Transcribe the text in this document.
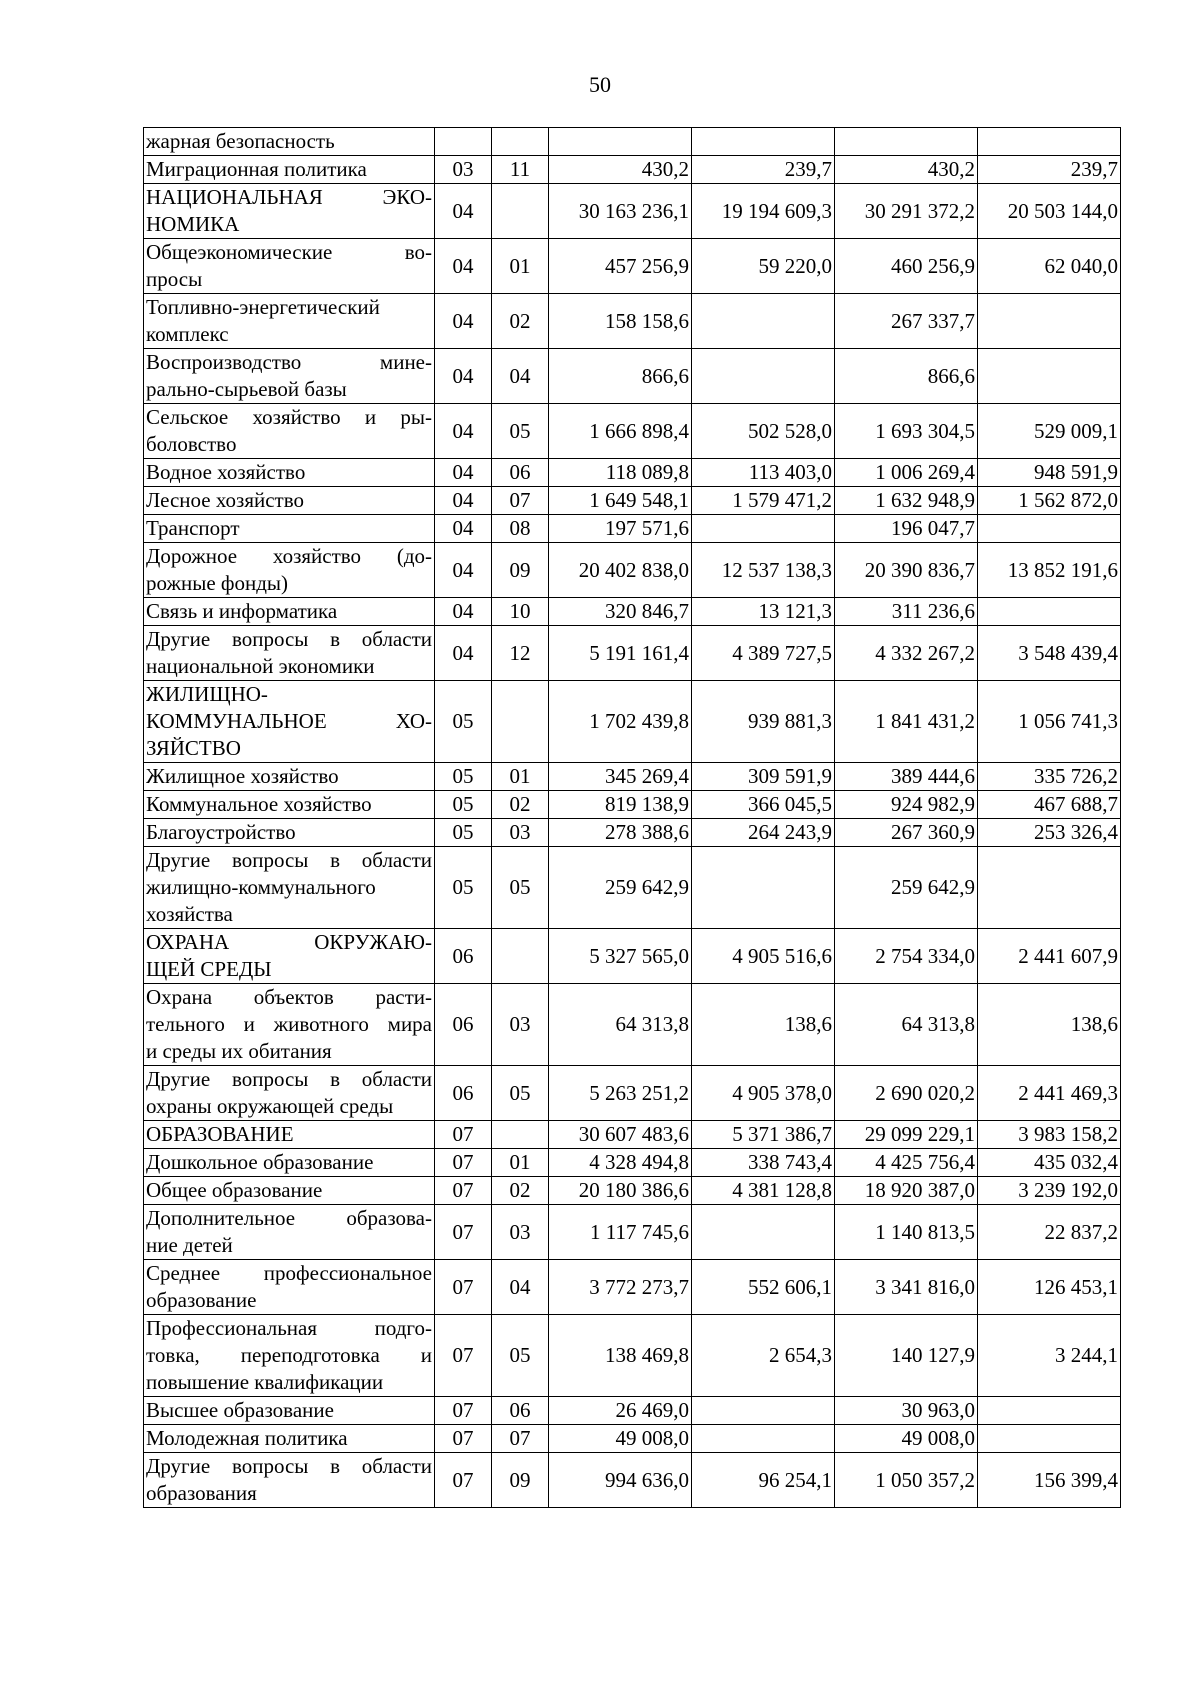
50
жарная безопасность						
Миграционная политика	03	11	430,2	239,7	430,2	239,7

НАЦИОНАЛЬНАЯ ЭКО-
НОМИКА	04		30 163 236,1	19 194 609,3	30 291 372,2	20 503 144,0

Общеэкономические во-
просы	04	01	457 256,9	59 220,0	460 256,9	62 040,0

Топливно-энергетический
комплекс	04	02	158 158,6		267 337,7	

Воспроизводство мине-
рально-сырьевой базы	04	04	866,6		866,6	

Сельское хозяйство и ры-
боловство	04	05	1 666 898,4	502 528,0	1 693 304,5	529 009,1
Водное хозяйство	04	06	118 089,8	113 403,0	1 006 269,4	948 591,9
Лесное хозяйство	04	07	1 649 548,1	1 579 471,2	1 632 948,9	1 562 872,0
Транспорт	04	08	197 571,6		196 047,7	

Дорожное хозяйство (до-
рожные фонды)	04	09	20 402 838,0	12 537 138,3	20 390 836,7	13 852 191,6
Связь и информатика	04	10	320 846,7	13 121,3	311 236,6	

Другие вопросы в области
национальной экономики	04	12	5 191 161,4	4 389 727,5	4 332 267,2	3 548 439,4

ЖИЛИЩНО-
КОММУНАЛЬНОЕ ХО-
ЗЯЙСТВО	05		1 702 439,8	939 881,3	1 841 431,2	1 056 741,3
Жилищное хозяйство	05	01	345 269,4	309 591,9	389 444,6	335 726,2
Коммунальное хозяйство	05	02	819 138,9	366 045,5	924 982,9	467 688,7
Благоустройство	05	03	278 388,6	264 243,9	267 360,9	253 326,4

Другие вопросы в области
жилищно-коммунального
хозяйства	05	05	259 642,9		259 642,9	

ОХРАНА ОКРУЖАЮ-
ЩЕЙ СРЕДЫ	06		5 327 565,0	4 905 516,6	2 754 334,0	2 441 607,9

Охрана объектов расти-
тельного и животного мира
и среды их обитания	06	03	64 313,8	138,6	64 313,8	138,6

Другие вопросы в области
охраны окружающей среды	06	05	5 263 251,2	4 905 378,0	2 690 020,2	2 441 469,3
ОБРАЗОВАНИЕ	07		30 607 483,6	5 371 386,7	29 099 229,1	3 983 158,2
Дошкольное образование	07	01	4 328 494,8	338 743,4	4 425 756,4	435 032,4
Общее образование	07	02	20 180 386,6	4 381 128,8	18 920 387,0	3 239 192,0

Дополнительное образова-
ние детей	07	03	1 117 745,6		1 140 813,5	22 837,2

Среднее профессиональное
образование	07	04	3 772 273,7	552 606,1	3 341 816,0	126 453,1

Профессиональная подго-
товка, переподготовка и
повышение квалификации	07	05	138 469,8	2 654,3	140 127,9	3 244,1
Высшее образование	07	06	26 469,0		30 963,0	
Молодежная политика	07	07	49 008,0		49 008,0	

Другие вопросы в области
образования	07	09	994 636,0	96 254,1	1 050 357,2	156 399,4
